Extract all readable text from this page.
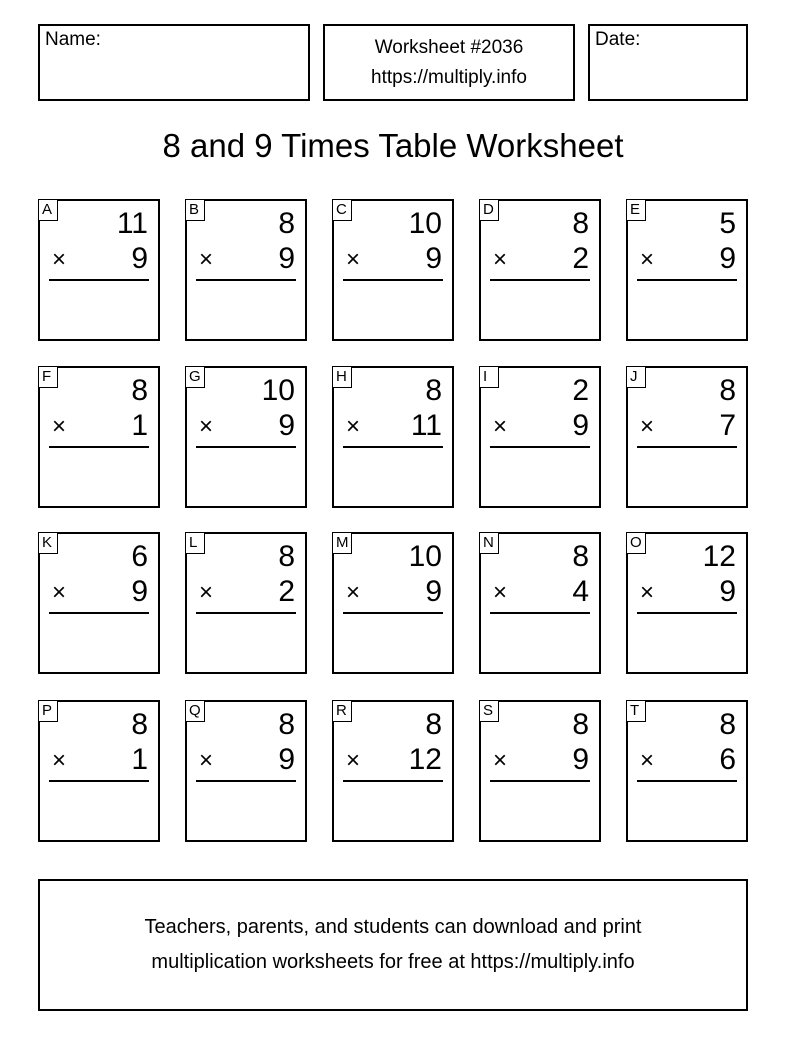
Name:	Worksheet #2036
https://multiply.info
Date:
8 and 9 Times Table Worksheet
A 11
× 9
B	8
× 9
C 10
× 9
D	8
× 2
E	5
× 9
F	8
× 1
G 10
× 9
H	8
× 11
I	2
× 9
J	8
× 7
K	6
× 9
L	8
× 2
M 10
× 9
N	8
× 4
O 12
× 9
P	8
× 1
Q	8
× 9
R	8
× 12
S	8
× 9
T	8
× 6
Teachers, parents, and students can download and print
multiplication worksheets for free at https://multiply.info
